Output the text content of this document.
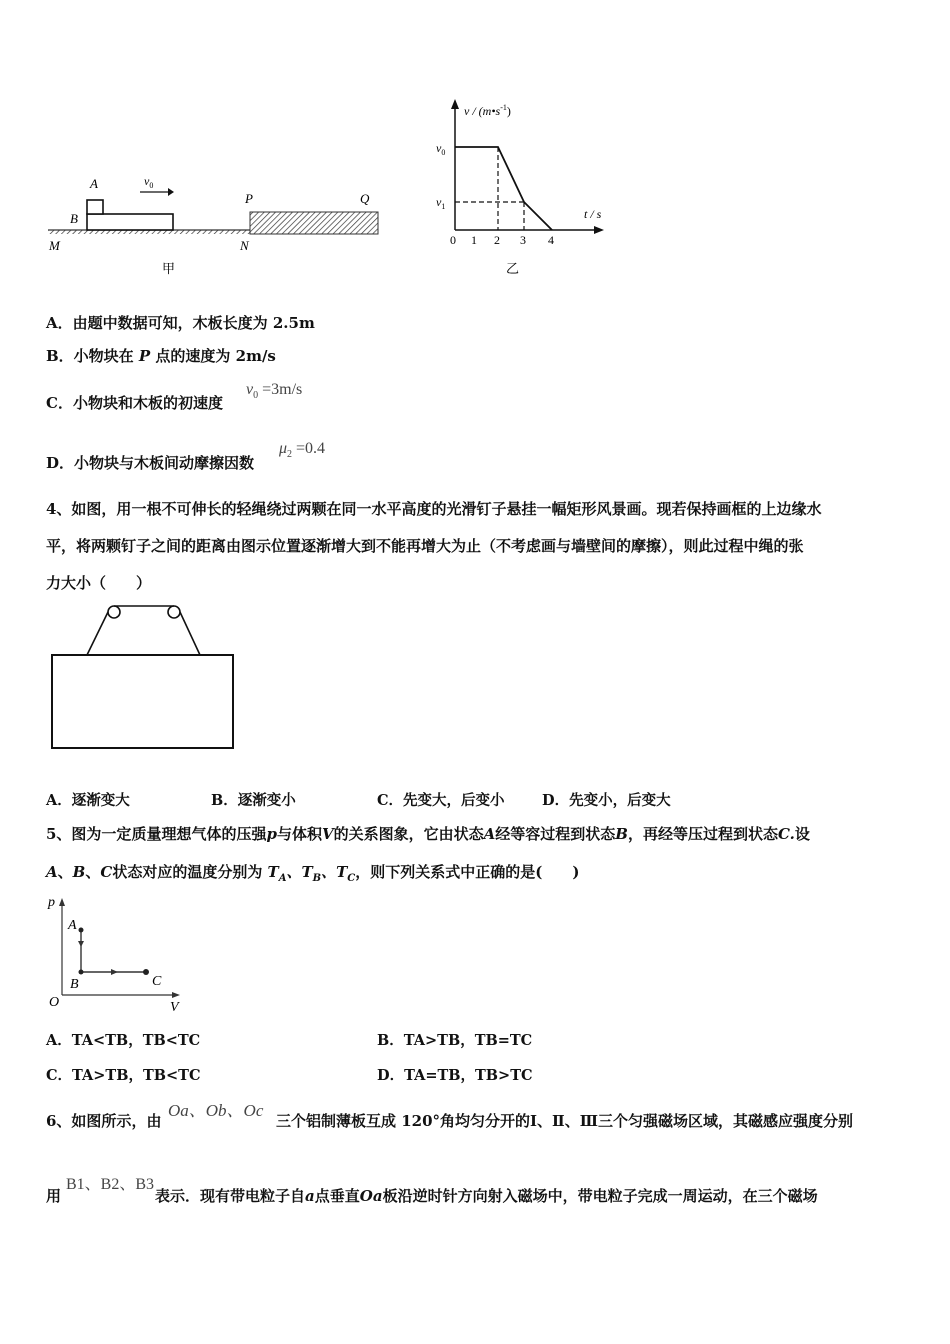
A
B
$v_0$
P	Q
M	N
甲
v / $(m•s^{-1})$
t / s
$v_0$
$v_1$
0 1 2 3 4
乙
A．由题中数据可知，木板长度为 2.5m
B．小物块在 P 点的速度为 2m/s
C．小物块和木板的初速度
$v_0 =3m/s$
D．小物块与木板间动摩擦因数
$\mu_2 =0.4$
4、如图，用一根不可伸长的轻绳绕过两颗在同一水平高度的光滑钉子悬挂一幅矩形风景画。现若保持画框的上边缘水
平，将两颗钉子之间的距离由图示位置逐渐增大到不能再增大为止（不考虑画与墙壁间的摩擦），则此过程中绳的张
力大小（　　）
A．逐渐变大	B．逐渐变小	C．先变大，后变小	D．先变小，后变大
5、图为一定质量理想气体的压强p与体积V的关系图象，它由状态A经等容过程到状态B，再经等压过程到状态C.设
A、B、C状态对应的温度分别为 $T_A$、$T_B$、$T_C$，则下列关系式中正确的是(　　)
p
V
O
A
B	C
A．TA<TB，TB<TC	B．TA>TB，TB=TC
C．TA>TB，TB<TC	D．TA=TB，TB>TC
6、如图所示，由
Oa、Ob、Oc
三个铝制薄板互成 120°角均匀分开的Ⅰ、Ⅱ、Ⅲ三个匀强磁场区域，其磁感应强度分别
用
B1、B2、B3
表示．现有带电粒子自a点垂直Oa板沿逆时针方向射入磁场中，带电粒子完成一周运动，在三个磁场
